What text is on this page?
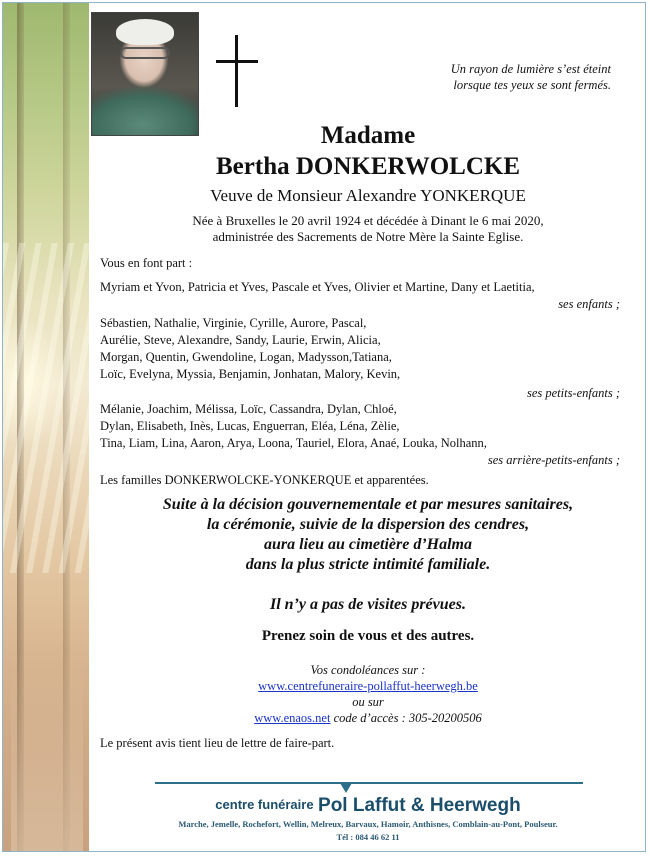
Un rayon de lumière s’est éteint
lorsque tes yeux se sont fermés.
Madame
Bertha DONKERWOLCKE
Veuve de Monsieur Alexandre YONKERQUE
Née à Bruxelles le 20 avril 1924 et décédée à Dinant le 6 mai 2020,
administrée des Sacrements de Notre Mère la Sainte Eglise.
Vous en font part :
Myriam et Yvon, Patricia et Yves, Pascale et Yves, Olivier et Martine, Dany et Laetitia,
ses enfants ;
Sébastien, Nathalie, Virginie, Cyrille, Aurore, Pascal,
Aurélie, Steve, Alexandre, Sandy, Laurie, Erwin, Alicia,
Morgan, Quentin, Gwendoline, Logan, Madysson,Tatiana,
Loïc, Evelyna, Myssia, Benjamin, Jonhatan, Malory, Kevin,
ses petits-enfants ;
Mélanie, Joachim, Mélissa, Loïc, Cassandra, Dylan, Chloé,
Dylan, Elisabeth, Inès, Lucas, Enguerran, Eléa, Léna, Zèlie,
Tina, Liam, Lina, Aaron, Arya, Loona, Tauriel, Elora, Anaé, Louka, Nolhann,
ses arrière-petits-enfants ;
Les familles DONKERWOLCKE-YONKERQUE et apparentées.
Suite à la décision gouvernementale et par mesures sanitaires,
la cérémonie, suivie de la dispersion des cendres,
aura lieu au cimetière d’Halma
dans la plus stricte intimité familiale.
Il n’y a pas de visites prévues.
Prenez soin de vous et des autres.
Vos condoléances sur :
www.centrefuneraire-pollaffut-heerwegh.be
ou sur
www.enaos.net code d’accès : 305-20200506
Le présent avis tient lieu de lettre de faire-part.
centre funéraire Pol Laffut & Heerwegh
Marche, Jemelle, Rochefort, Wellin, Melreux, Barvaux, Hamoir, Anthisnes, Comblain-au-Pont, Poulseur.
Tél : 084 46 62 11
